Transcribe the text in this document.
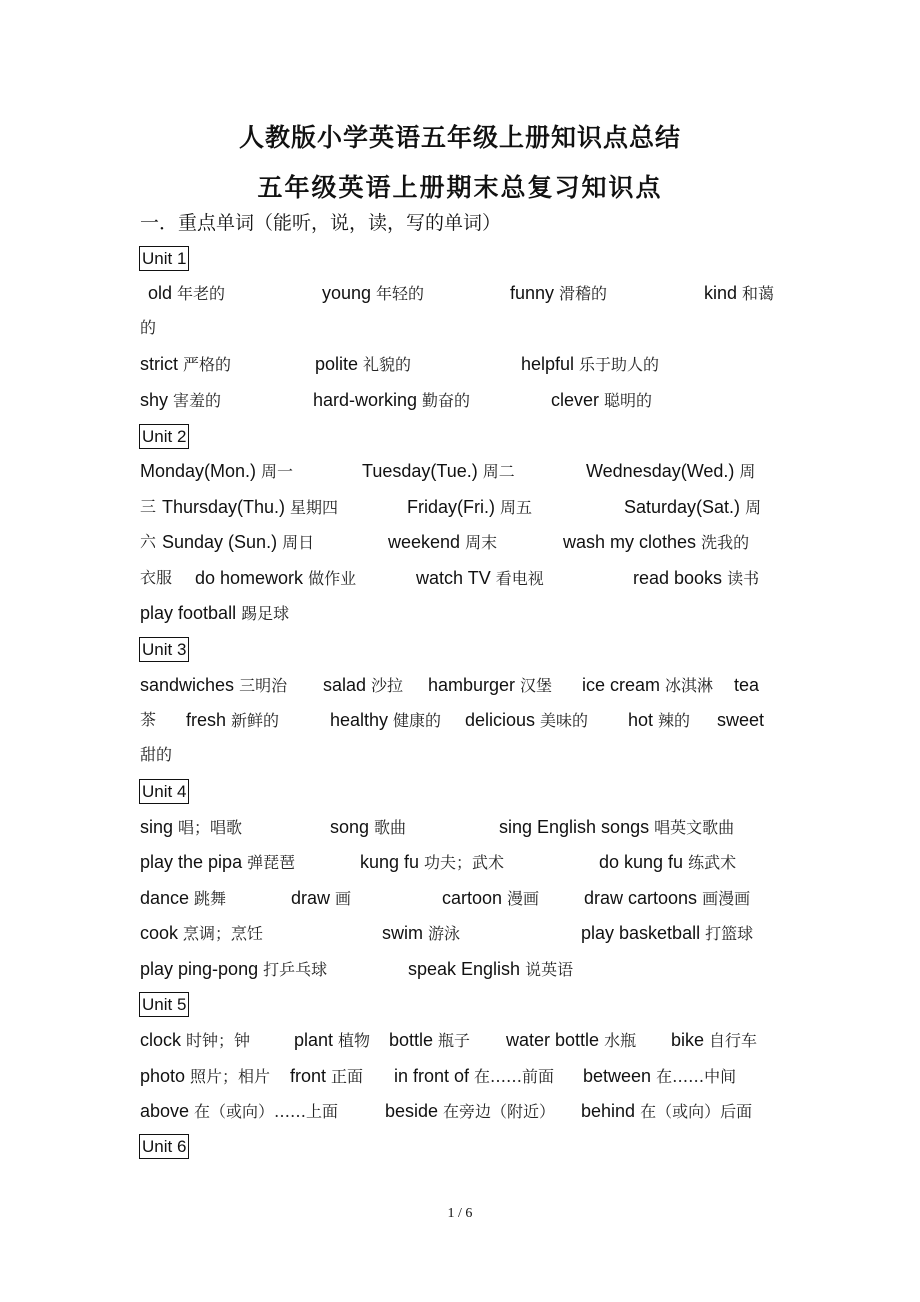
人教版小学英语五年级上册知识点总结
五年级英语上册期末总复习知识点
一．重点单词（能听，说，读，写的单词）
Unit 1
Unit 2
Unit 3
Unit 4
Unit 5
Unit 6
old 年老的	young 年轻的	funny 滑稽的	kind 和蔼
的
strict 严格的	polite 礼貌的	helpful 乐于助人的
shy 害羞的	hard-working 勤奋的	clever 聪明的
Monday(Mon.) 周一	Tuesday(Tue.) 周二	Wednesday(Wed.) 周
三 Thursday(Thu.) 星期四	Friday(Fri.) 周五	Saturday(Sat.) 周
六 Sunday (Sun.) 周日	weekend 周末	wash my clothes 洗我的
衣服 do homework 做作业	watch TV 看电视	read books 读书
play football 踢足球
sandwiches 三明治 salad 沙拉 hamburger 汉堡 ice cream 冰淇淋 tea
茶 fresh 新鲜的	healthy 健康的 delicious 美味的 hot 辣的 sweet
甜的
sing 唱；唱歌	song 歌曲	sing English songs 唱英文歌曲
play the pipa 弹琵琶	kung fu 功夫；武术	do kung fu 练武术
dance 跳舞	draw 画	cartoon 漫画 draw cartoons 画漫画
cook 烹调；烹饪	swim 游泳	play basketball 打篮球
play ping-pong 打乒乓球	speak English 说英语
clock 时钟；钟 plant 植物 bottle 瓶子 water bottle 水瓶 bike 自行车
photo 照片；相片 front 正面 in front of 在……前面 between 在……中间
above 在（或向）……上面	beside 在旁边（附近） behind 在（或向）后面
1 / 6
